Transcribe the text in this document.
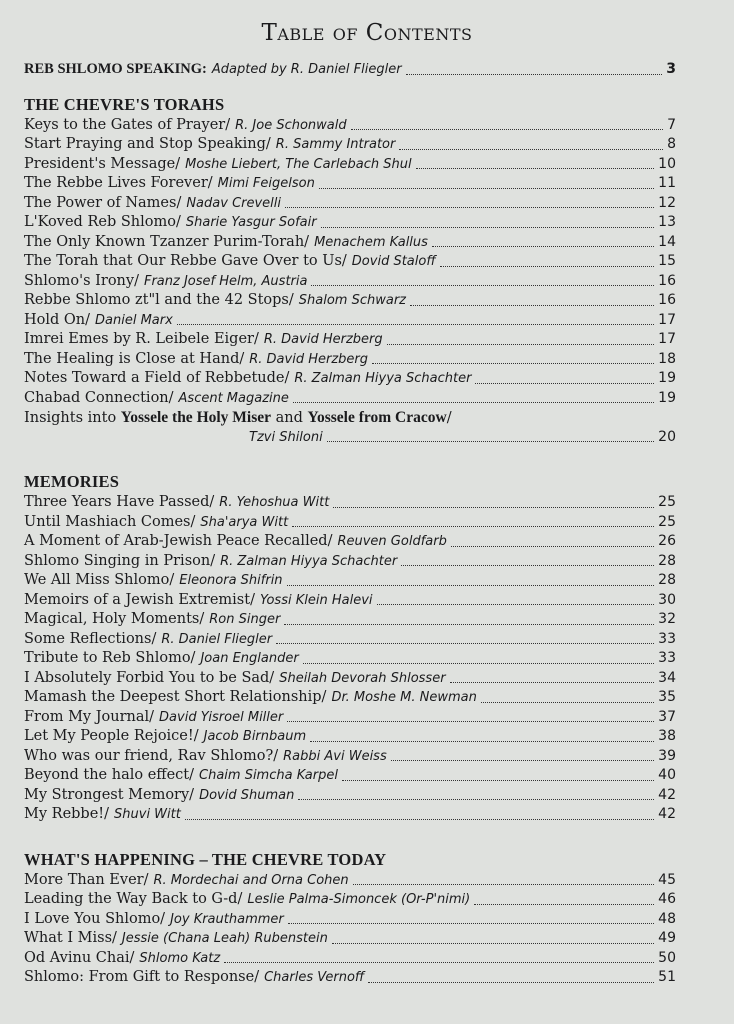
Table of Contents
REB SHLOMO SPEAKING: Adapted by R. Daniel Fliegler	3
THE CHEVRE'S TORAHS
Keys to the Gates of Prayer/ R. Joe Schonwald	7
Start Praying and Stop Speaking/ R. Sammy Intrator	8
President's Message/ Moshe Liebert, The Carlebach Shul	10
The Rebbe Lives Forever/ Mimi Feigelson	11
The Power of Names/ Nadav Crevelli	12
L'Koved Reb Shlomo/ Sharie Yasgur Sofair	13
The Only Known Tzanzer Purim-Torah/ Menachem Kallus	14
The Torah that Our Rebbe Gave Over to Us/ Dovid Staloff	15
Shlomo's Irony/ Franz Josef Helm, Austria	16
Rebbe Shlomo zt"l and the 42 Stops/ Shalom Schwarz	16
Hold On/ Daniel Marx	17
Imrei Emes by R. Leibele Eiger/ R. David Herzberg	17
The Healing is Close at Hand/ R. David Herzberg	18
Notes Toward a Field of Rebbetude/ R. Zalman Hiyya Schachter	19
Chabad Connection/ Ascent Magazine	19
Insights into Yossele the Holy Miser and Yossele from Cracow/
Tzvi Shiloni	20
MEMORIES
Three Years Have Passed/ R. Yehoshua Witt	25
Until Mashiach Comes/ Sha'arya Witt	25
A Moment of Arab-Jewish Peace Recalled/ Reuven Goldfarb	26
Shlomo Singing in Prison/ R. Zalman Hiyya Schachter	28
We All Miss Shlomo/ Eleonora Shifrin	28
Memoirs of a Jewish Extremist/ Yossi Klein Halevi	30
Magical, Holy Moments/ Ron Singer	32
Some Reflections/ R. Daniel Fliegler	33
Tribute to Reb Shlomo/ Joan Englander	33
I Absolutely Forbid You to be Sad/ Sheilah Devorah Shlosser	34
Mamash the Deepest Short Relationship/ Dr. Moshe M. Newman	35
From My Journal/ David Yisroel Miller	37
Let My People Rejoice!/ Jacob Birnbaum	38
Who was our friend, Rav Shlomo?/ Rabbi Avi Weiss	39
Beyond the halo effect/ Chaim Simcha Karpel	40
My Strongest Memory/ Dovid Shuman	42
My Rebbe!/ Shuvi Witt	42
WHAT'S HAPPENING – THE CHEVRE TODAY
More Than Ever/ R. Mordechai and Orna Cohen	45
Leading the Way Back to G-d/ Leslie Palma-Simoncek (Or-P'nimi)	46
I Love You Shlomo/ Joy Krauthammer	48
What I Miss/ Jessie (Chana Leah) Rubenstein	49
Od Avinu Chai/ Shlomo Katz	50
Shlomo: From Gift to Response/ Charles Vernoff	51
